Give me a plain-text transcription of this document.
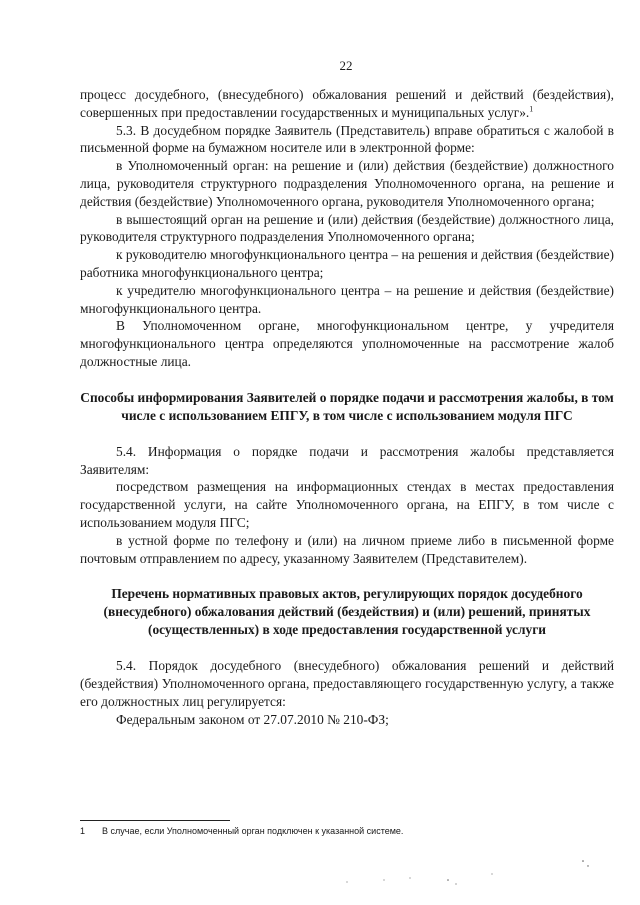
22

процесс досудебного, (внесудебного) обжалования решений и действий (бездействия), совершенных при предоставлении государственных и муниципальных услуг».$^1$

5.3. В досудебном порядке Заявитель (Представитель) вправе обратиться с жалобой в письменной форме на бумажном носителе или в электронной форме:

в Уполномоченный орган: на решение и (или) действия (бездействие) должностного лица, руководителя структурного подразделения Уполномоченного органа, на решение и действия (бездействие) Уполномоченного органа, руководителя Уполномоченного органа;

в вышестоящий орган на решение и (или) действия (бездействие) должностного лица, руководителя структурного подразделения Уполномоченного органа;

к руководителю многофункционального центра – на решения и действия (бездействие) работника многофункционального центра;

к учредителю многофункционального центра – на решение и действия (бездействие) многофункционального центра.

В Уполномоченном органе, многофункциональном центре, у учредителя многофункционального центра определяются уполномоченные на рассмотрение жалоб должностные лица.

Способы информирования Заявителей о порядке подачи и рассмотрения жалобы, в том числе с использованием ЕПГУ, в том числе с использованием модуля ПГС

5.4. Информация о порядке подачи и рассмотрения жалобы представляется Заявителям:

посредством размещения на информационных стендах в местах предоставления государственной услуги, на сайте Уполномоченного органа, на ЕПГУ, в том числе с использованием модуля ПГС;

в устной форме по телефону и (или) на личном приеме либо в письменной форме почтовым отправлением по адресу, указанному Заявителем (Представителем).

Перечень нормативных правовых актов, регулирующих порядок досудебного (внесудебного) обжалования действий (бездействия) и (или) решений, принятых (осуществленных) в ходе предоставления государственной услуги

5.4. Порядок досудебного (внесудебного) обжалования решений и действий (бездействия) Уполномоченного органа, предоставляющего государственную услугу, а также его должностных лиц регулируется:

Федеральным законом от 27.07.2010 № 210-ФЗ;

1 В случае, если Уполномоченный орган подключен к указанной системе.
